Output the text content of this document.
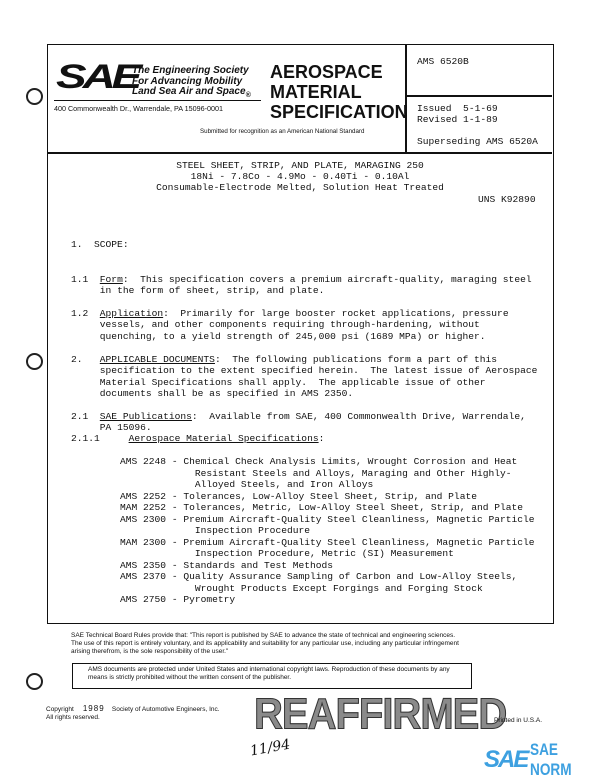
SAE
The Engineering Society
For Advancing Mobility
Land Sea Air and Space$_®$
400 Commonwealth Dr., Warrendale, PA 15096-0001
AEROSPACE
MATERIAL
SPECIFICATION
Submitted for recognition as an American National Standard
AMS 6520B
Issued  5-1-69
Revised 1-1-89
Superseding AMS 6520A
STEEL SHEET, STRIP, AND PLATE, MARAGING 250
18Ni - 7.8Co - 4.9Mo - 0.40Ti - 0.10Al
Consumable-Electrode Melted, Solution Heat Treated
UNS K92890
1. SCOPE:

1.1 Form:  This specification covers a premium aircraft-quality, maraging steel
in the form of sheet, strip, and plate.

1.2 Application:  Primarily for large booster rocket applications, pressure
vessels, and other components requiring through-hardening, without
quenching, to a yield strength of 245,000 psi (1689 MPa) or higher.

2. APPLICABLE DOCUMENTS:  The following publications form a part of this
specification to the extent specified herein.  The latest issue of Aerospace
Material Specifications shall apply.  The applicable issue of other
documents shall be as specified in AMS 2350.

2.1 SAE Publications:  Available from SAE, 400 Commonwealth Drive, Warrendale,
PA 15096.
2.1.1	Aerospace Material Specifications:
AMS 2248 - Chemical Check Analysis Limits, Wrought Corrosion and Heat
Resistant Steels and Alloys, Maraging and Other Highly-
Alloyed Steels, and Iron Alloys
AMS 2252 - Tolerances, Low-Alloy Steel Sheet, Strip, and Plate
MAM 2252 - Tolerances, Metric, Low-Alloy Steel Sheet, Strip, and Plate
AMS 2300 - Premium Aircraft-Quality Steel Cleanliness, Magnetic Particle
Inspection Procedure
MAM 2300 - Premium Aircraft-Quality Steel Cleanliness, Magnetic Particle
Inspection Procedure, Metric (SI) Measurement
AMS 2350 - Standards and Test Methods
AMS 2370 - Quality Assurance Sampling of Carbon and Low-Alloy Steels,
Wrought Products Except Forgings and Forging Stock
AMS 2750 - Pyrometry
SAE Technical Board Rules provide that: "This report is published by SAE to advance the state of technical and engineering sciences.
The use of this report is entirely voluntary, and its applicability and suitability for any particular use, including any particular infringement
arising therefrom, is the sole responsibility of the user."
AMS documents are protected under United States and international copyright laws. Reproduction of these documents by any
means is strictly prohibited without the written consent of the publisher.
Copyright 1989 Society of Automotive Engineers, Inc.
All rights reserved.	REAFFIRMED
11/94
Printed in U.S.A.
SAE SAE NORM
